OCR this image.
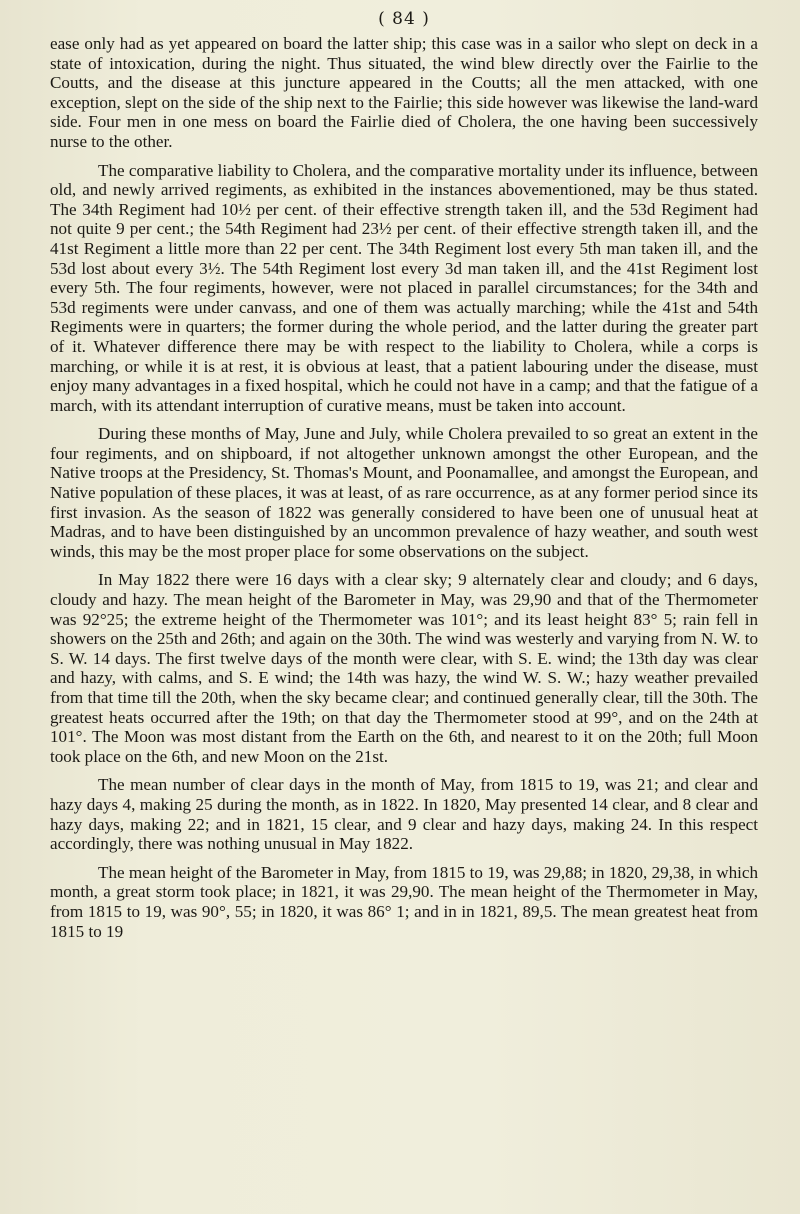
( 84 )

ease only had as yet appeared on board the latter ship; this case was in a sailor who slept on deck in a state of intoxication, during the night. Thus situated, the wind blew directly over the Fairlie to the Coutts, and the disease at this juncture appeared in the Coutts; all the men attacked, with one exception, slept on the side of the ship next to the Fairlie; this side however was likewise the land-ward side. Four men in one mess on board the Fairlie died of Cholera, the one having been successively nurse to the other.

The comparative liability to Cholera, and the comparative mortality under its influence, between old, and newly arrived regiments, as exhibited in the instances abovementioned, may be thus stated. The 34th Regiment had 10½ per cent. of their effective strength taken ill, and the 53d Regiment had not quite 9 per cent.; the 54th Regiment had 23½ per cent. of their effective strength taken ill, and the 41st Regiment a little more than 22 per cent. The 34th Regiment lost every 5th man taken ill, and the 53d lost about every 3½. The 54th Regiment lost every 3d man taken ill, and the 41st Regiment lost every 5th. The four regiments, however, were not placed in parallel circumstances; for the 34th and 53d regiments were under canvass, and one of them was actually marching; while the 41st and 54th Regiments were in quarters; the former during the whole period, and the latter during the greater part of it. Whatever difference there may be with respect to the liability to Cholera, while a corps is marching, or while it is at rest, it is obvious at least, that a patient labouring under the disease, must enjoy many advantages in a fixed hospital, which he could not have in a camp; and that the fatigue of a march, with its attendant interruption of curative means, must be taken into account.

During these months of May, June and July, while Cholera prevailed to so great an extent in the four regiments, and on shipboard, if not altogether unknown amongst the other European, and the Native troops at the Presidency, St. Thomas's Mount, and Poonamallee, and amongst the European, and Native population of these places, it was at least, of as rare occurrence, as at any former period since its first invasion. As the season of 1822 was generally considered to have been one of unusual heat at Madras, and to have been distinguished by an uncommon prevalence of hazy weather, and south west winds, this may be the most proper place for some observations on the subject.

In May 1822 there were 16 days with a clear sky; 9 alternately clear and cloudy; and 6 days, cloudy and hazy. The mean height of the Barometer in May, was 29,90 and that of the Thermometer was 92°25; the extreme height of the Thermometer was 101°; and its least height 83° 5; rain fell in showers on the 25th and 26th; and again on the 30th. The wind was westerly and varying from N. W. to S. W. 14 days. The first twelve days of the month were clear, with S. E. wind; the 13th day was clear and hazy, with calms, and S. E wind; the 14th was hazy, the wind W. S. W.; hazy weather prevailed from that time till the 20th, when the sky became clear; and continued generally clear, till the 30th. The greatest heats occurred after the 19th; on that day the Thermometer stood at 99°, and on the 24th at 101°. The Moon was most distant from the Earth on the 6th, and nearest to it on the 20th; full Moon took place on the 6th, and new Moon on the 21st.

The mean number of clear days in the month of May, from 1815 to 19, was 21; and clear and hazy days 4, making 25 during the month, as in 1822. In 1820, May presented 14 clear, and 8 clear and hazy days, making 22; and in 1821, 15 clear, and 9 clear and hazy days, making 24. In this respect accordingly, there was nothing unusual in May 1822.

The mean height of the Barometer in May, from 1815 to 19, was 29,88; in 1820, 29,38, in which month, a great storm took place; in 1821, it was 29,90. The mean height of the Thermometer in May, from 1815 to 19, was 90°, 55; in 1820, it was 86° 1; and in in 1821, 89,5. The mean greatest heat from 1815 to 19
